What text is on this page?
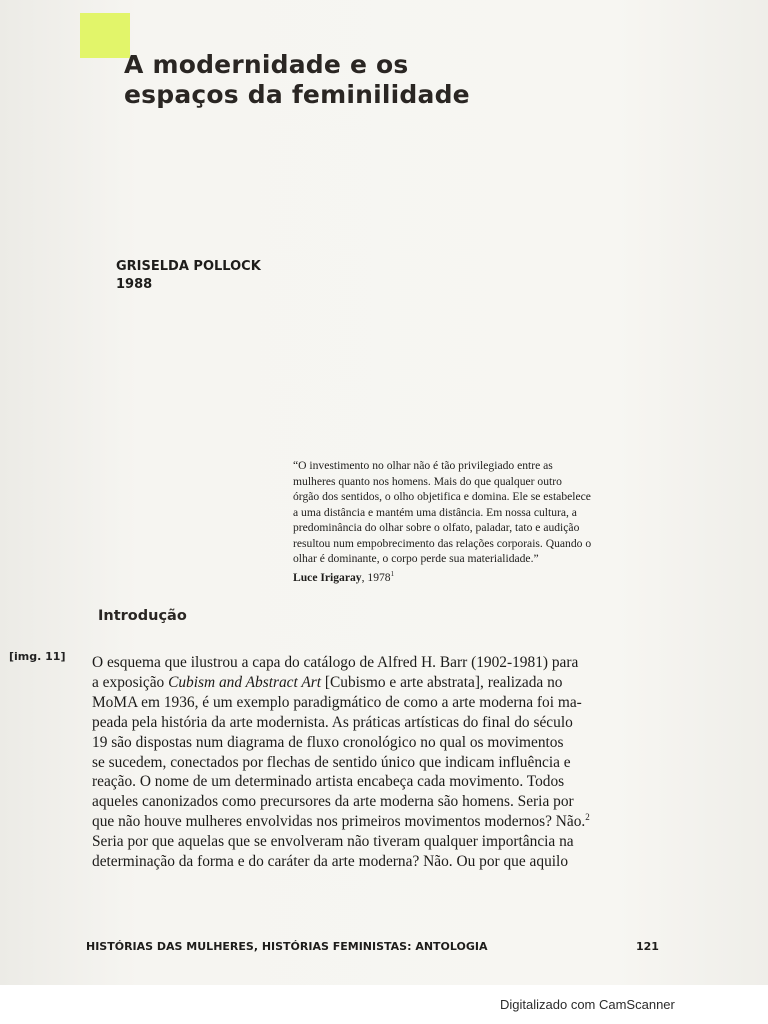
A modernidade e os
espaços da feminilidade
GRISELDA POLLOCK
1988
“O investimento no olhar não é tão privilegiado entre as
mulheres quanto nos homens. Mais do que qualquer outro
órgão dos sentidos, o olho objetifica e domina. Ele se estabelece
a uma distância e mantém uma distância. Em nossa cultura, a
predominância do olhar sobre o olfato, paladar, tato e audição
resultou num empobrecimento das relações corporais. Quando o
olhar é dominante, o corpo perde sua materialidade.”
Luce Irigaray, 1978$^1$
Introdução
[img. 11] O esquema que ilustrou a capa do catálogo de Alfred H. Barr (1902-1981) para
a exposição Cubism and Abstract Art [Cubismo e arte abstrata], realizada no
MoMA em 1936, é um exemplo paradigmático de como a arte moderna foi ma-
peada pela história da arte modernista. As práticas artísticas do final do século
19 são dispostas num diagrama de fluxo cronológico no qual os movimentos
se sucedem, conectados por flechas de sentido único que indicam influência e
reação. O nome de um determinado artista encabeça cada movimento. Todos
aqueles canonizados como precursores da arte moderna são homens. Seria por
que não houve mulheres envolvidas nos primeiros movimentos modernos? Não.$^2$
Seria por que aquelas que se envolveram não tiveram qualquer importância na
determinação da forma e do caráter da arte moderna? Não. Ou por que aquilo
HISTÓRIAS DAS MULHERES, HISTÓRIAS FEMINISTAS: ANTOLOGIA	121
Digitalizado com CamScanner
